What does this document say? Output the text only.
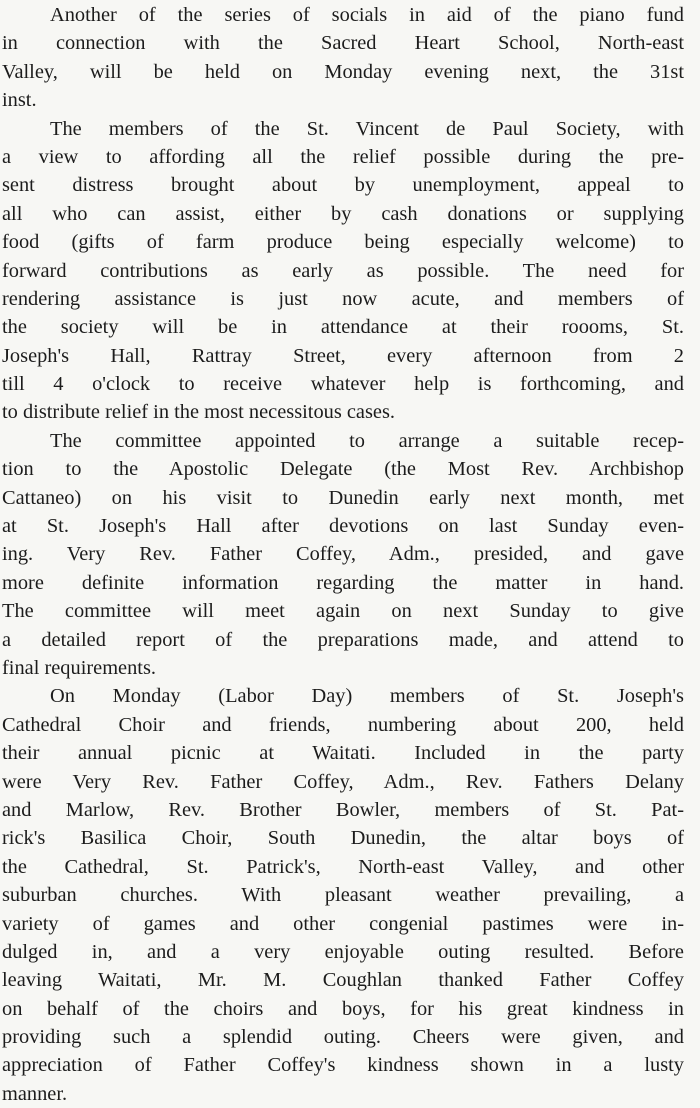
Another of the series of socials in aid of the piano fund
in connection with the Sacred Heart School, North-east
Valley, will be held on Monday evening next, the 31st
inst.
The members of the St. Vincent de Paul Society, with
a view to affording all the relief possible during the pre-
sent distress brought about by unemployment, appeal to
all who can assist, either by cash donations or supplying
food (gifts of farm produce being especially welcome) to
forward contributions as early as possible. The need for
rendering assistance is just now acute, and members of
the society will be in attendance at their roooms, St.
Joseph's Hall, Rattray Street, every afternoon from 2
till 4 o'clock to receive whatever help is forthcoming, and
to distribute relief in the most necessitous cases.
The committee appointed to arrange a suitable recep-
tion to the Apostolic Delegate (the Most Rev. Archbishop
Cattaneo) on his visit to Dunedin early next month, met
at St. Joseph's Hall after devotions on last Sunday even-
ing. Very Rev. Father Coffey, Adm., presided, and gave
more definite information regarding the matter in hand.
The committee will meet again on next Sunday to give
a detailed report of the preparations made, and attend to
final requirements.
On Monday (Labor Day) members of St. Joseph's
Cathedral Choir and friends, numbering about 200, held
their annual picnic at Waitati. Included in the party
were Very Rev. Father Coffey, Adm., Rev. Fathers Delany
and Marlow, Rev. Brother Bowler, members of St. Pat-
rick's Basilica Choir, South Dunedin, the altar boys of
the Cathedral, St. Patrick's, North-east Valley, and other
suburban churches. With pleasant weather prevailing, a
variety of games and other congenial pastimes were in-
dulged in, and a very enjoyable outing resulted. Before
leaving Waitati, Mr. M. Coughlan thanked Father Coffey
on behalf of the choirs and boys, for his great kindness in
providing such a splendid outing. Cheers were given, and
appreciation of Father Coffey's kindness shown in a lusty
manner.
